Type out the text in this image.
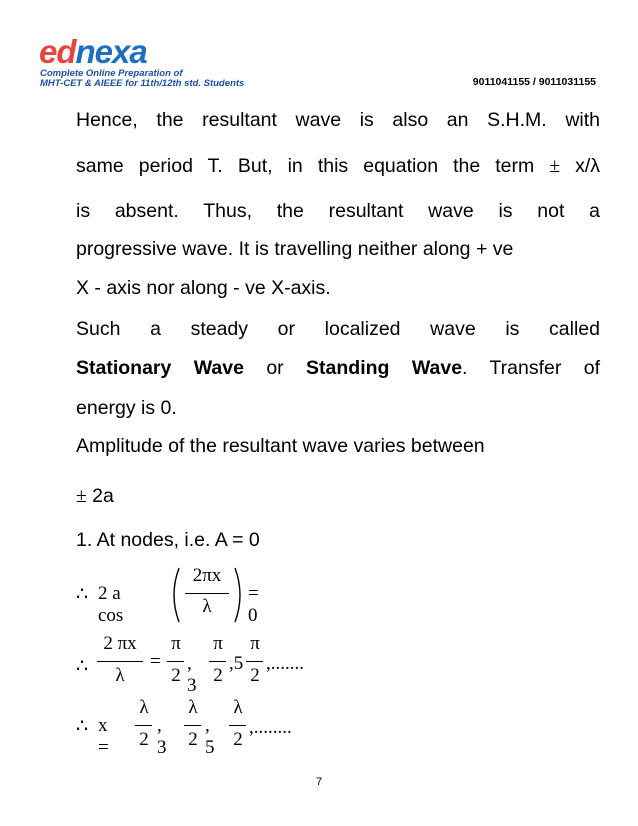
ednexa
Complete Online Preparation of
MHT-CET & AIEEE for 11th/12th std. Students	9011041155 / 9011031155
Hence, the resultant wave is also an S.H.M. with
same period T. But, in this equation the term ± x/λ
is absent. Thus, the resultant wave is not a
progressive wave. It is travelling neither along + ve
X - axis nor along - ve X-axis.
Such a steady or localized wave is called
Stationary Wave or Standing Wave. Transfer of
energy is 0.
Amplitude of the resultant wave varies between
± 2a
1. At nodes, i.e. A = 0
∴ 2 a cos
2πx
λ
= 0
∴
2 πx
λ
=
π
2
, 3
π
2
,5
π
2
,.......
∴ x =
λ
2
, 3
λ
2
, 5
λ
2
,........
7
